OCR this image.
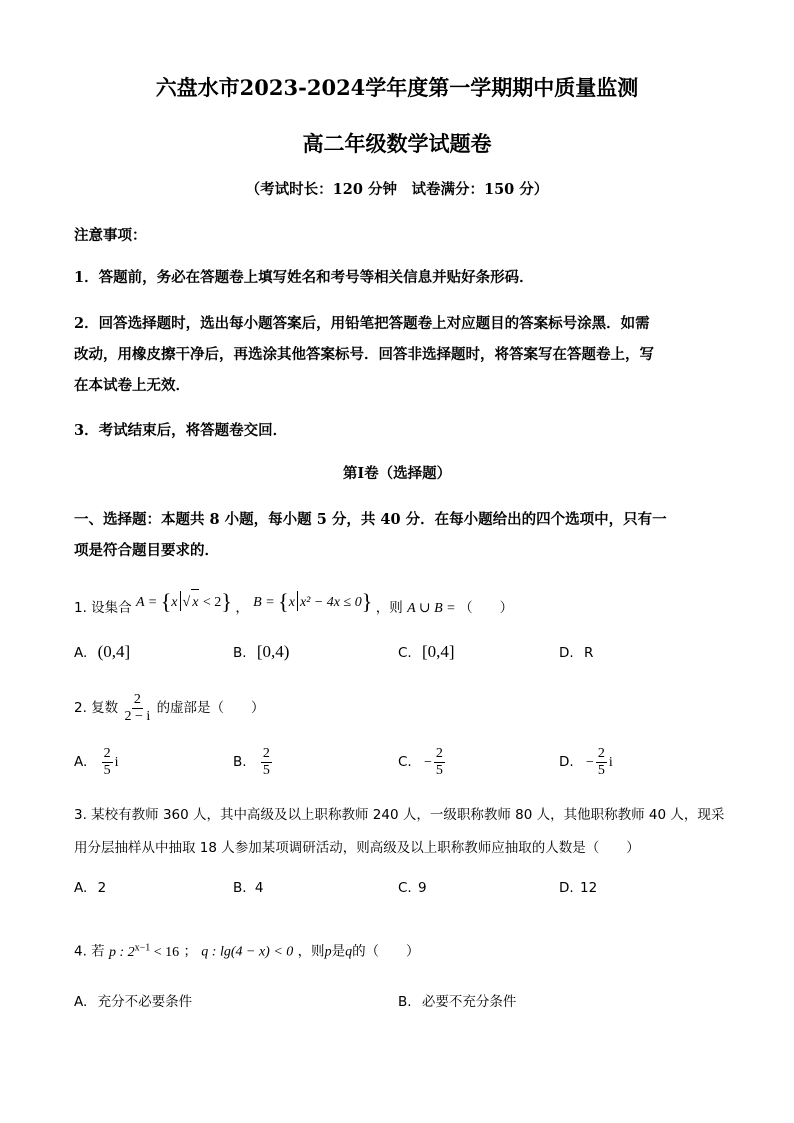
六盘水市2023-2024学年度第一学期期中质量监测
高二年级数学试题卷
（考试时长：120 分钟　试卷满分：150 分）
注意事项：
1．答题前，务必在答题卷上填写姓名和考号等相关信息并贴好条形码．
2．回答选择题时，选出每小题答案后，用铅笔把答题卷上对应题目的答案标号涂黑．如需
改动，用橡皮擦干净后，再选涂其他答案标号．回答非选择题时，将答案写在答题卷上，写
在本试卷上无效．
3．考试结束后，将答题卷交回．
第Ⅰ卷（选择题）
一、选择题：本题共 8 小题，每小题 5 分，共 40 分．在每小题给出的四个选项中，只有一
项是符合题目要求的．
1. 设集合 A = {x √ x < 2} ， B = {x x² − 4x ≤ 0} ，则 A ∪ B = （　　）
A. (0,4]	B. [0,4)	C. [0,4]	D. R
2. 复数 $\frac{2}{2 - i}$ 的虚部是（　　）
A. $\frac{2}{5}$ i	B. $\frac{2}{5}$	C. − $\frac{2}{5}$	D. − $\frac{2}{5}$ i
3. 某校有教师 360 人，其中高级及以上职称教师 240 人，一级职称教师 80 人，其他职称教师 40 人，现采
用分层抽样从中抽取 18 人参加某项调研活动，则高级及以上职称教师应抽取的人数是（　　）
A. 2	B. 4	C. 9	D. 12
4. 若 p : $2^{x-1} < 16$ ； q : lg(4 − x) < 0 ，则p是q的（　　）
A. 充分不必要条件	B. 必要不充分条件
